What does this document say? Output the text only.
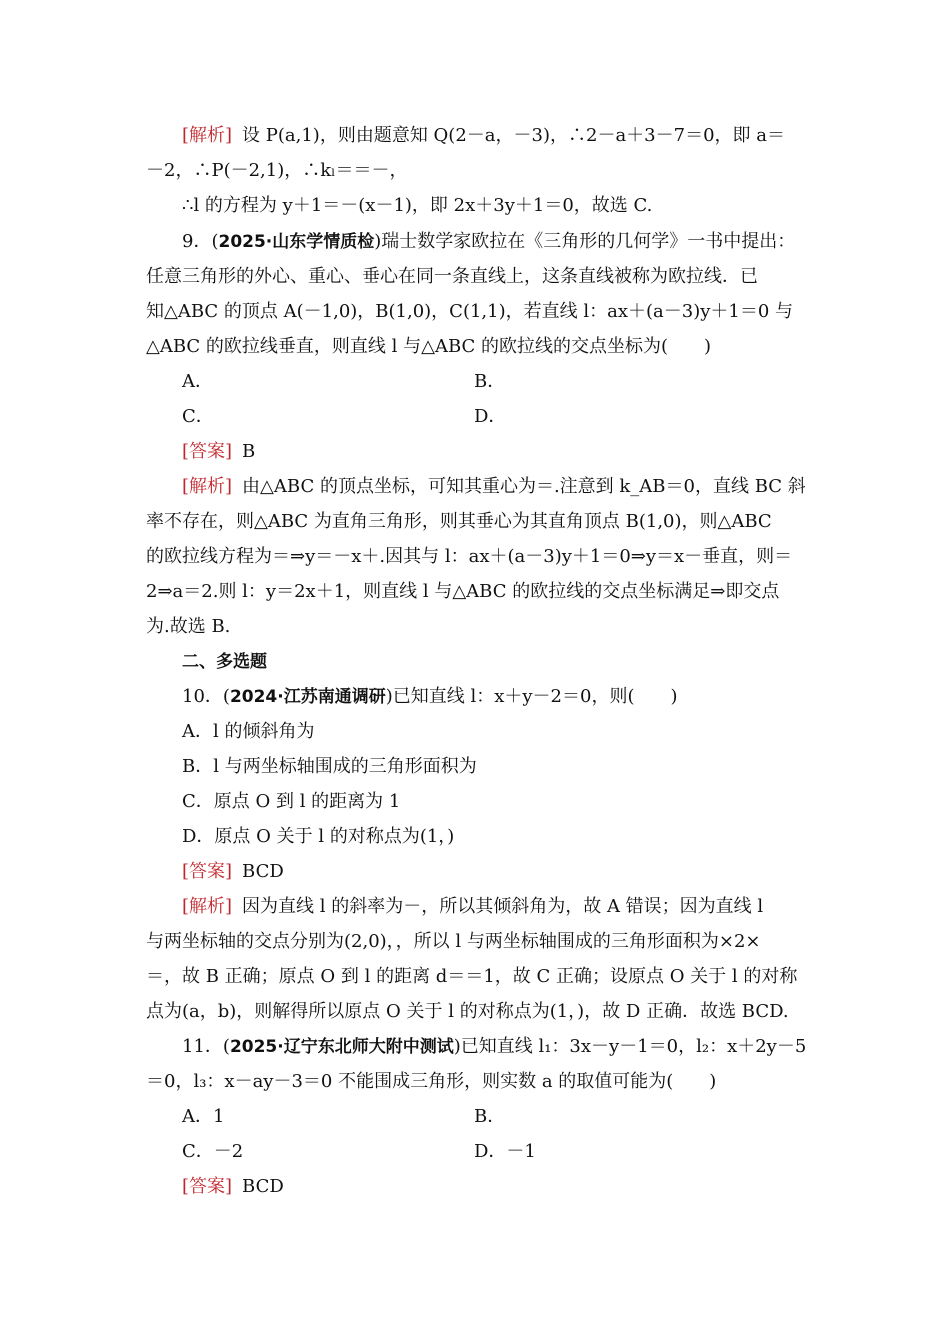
[解析] 设 P(a,1)，则由题意知 Q(2－a，－3)，∴2－a＋3－7＝0，即 a＝
－2，∴P(－2,1)，∴kₗ＝＝－，
∴l 的方程为 y＋1＝－(x－1)，即 2x＋3y＋1＝0，故选 C.
9．(2025·山东学情质检)瑞士数学家欧拉在《三角形的几何学》一书中提出：
任意三角形的外心、重心、垂心在同一条直线上，这条直线被称为欧拉线．已
知△ABC 的顶点 A(－1,0)，B(1,0)，C(1,1)，若直线 l：ax＋(a－3)y＋1＝0 与
△ABC 的欧拉线垂直，则直线 l 与△ABC 的欧拉线的交点坐标为(　　)
A．	B．
C．	D．
[答案] B
[解析] 由△ABC 的顶点坐标，可知其重心为＝.注意到 k_AB＝0，直线 BC 斜
率不存在，则△ABC 为直角三角形，则其垂心为其直角顶点 B(1,0)，则△ABC
的欧拉线方程为＝⇒y＝－x＋.因其与 l：ax＋(a－3)y＋1＝0⇒y＝x－垂直，则＝
2⇒a＝2.则 l：y＝2x＋1，则直线 l 与△ABC 的欧拉线的交点坐标满足⇒即交点
为.故选 B.
二、多选题
10．(2024·江苏南通调研)已知直线 l：x＋y－2＝0，则(　　)
A．l 的倾斜角为
B．l 与两坐标轴围成的三角形面积为
C．原点 O 到 l 的距离为 1
D．原点 O 关于 l 的对称点为(1，)
[答案] BCD
[解析] 因为直线 l 的斜率为－，所以其倾斜角为，故 A 错误；因为直线 l
与两坐标轴的交点分别为(2,0)，，所以 l 与两坐标轴围成的三角形面积为×2×
＝，故 B 正确；原点 O 到 l 的距离 d＝＝1，故 C 正确；设原点 O 关于 l 的对称
点为(a，b)，则解得所以原点 O 关于 l 的对称点为(1，)，故 D 正确．故选 BCD.
11．(2025·辽宁东北师大附中测试)已知直线 l₁：3x－y－1＝0，l₂：x＋2y－5
＝0，l₃：x－ay－3＝0 不能围成三角形，则实数 a 的取值可能为(　　)
A．1	B．
C．－2	D．－1
[答案] BCD
